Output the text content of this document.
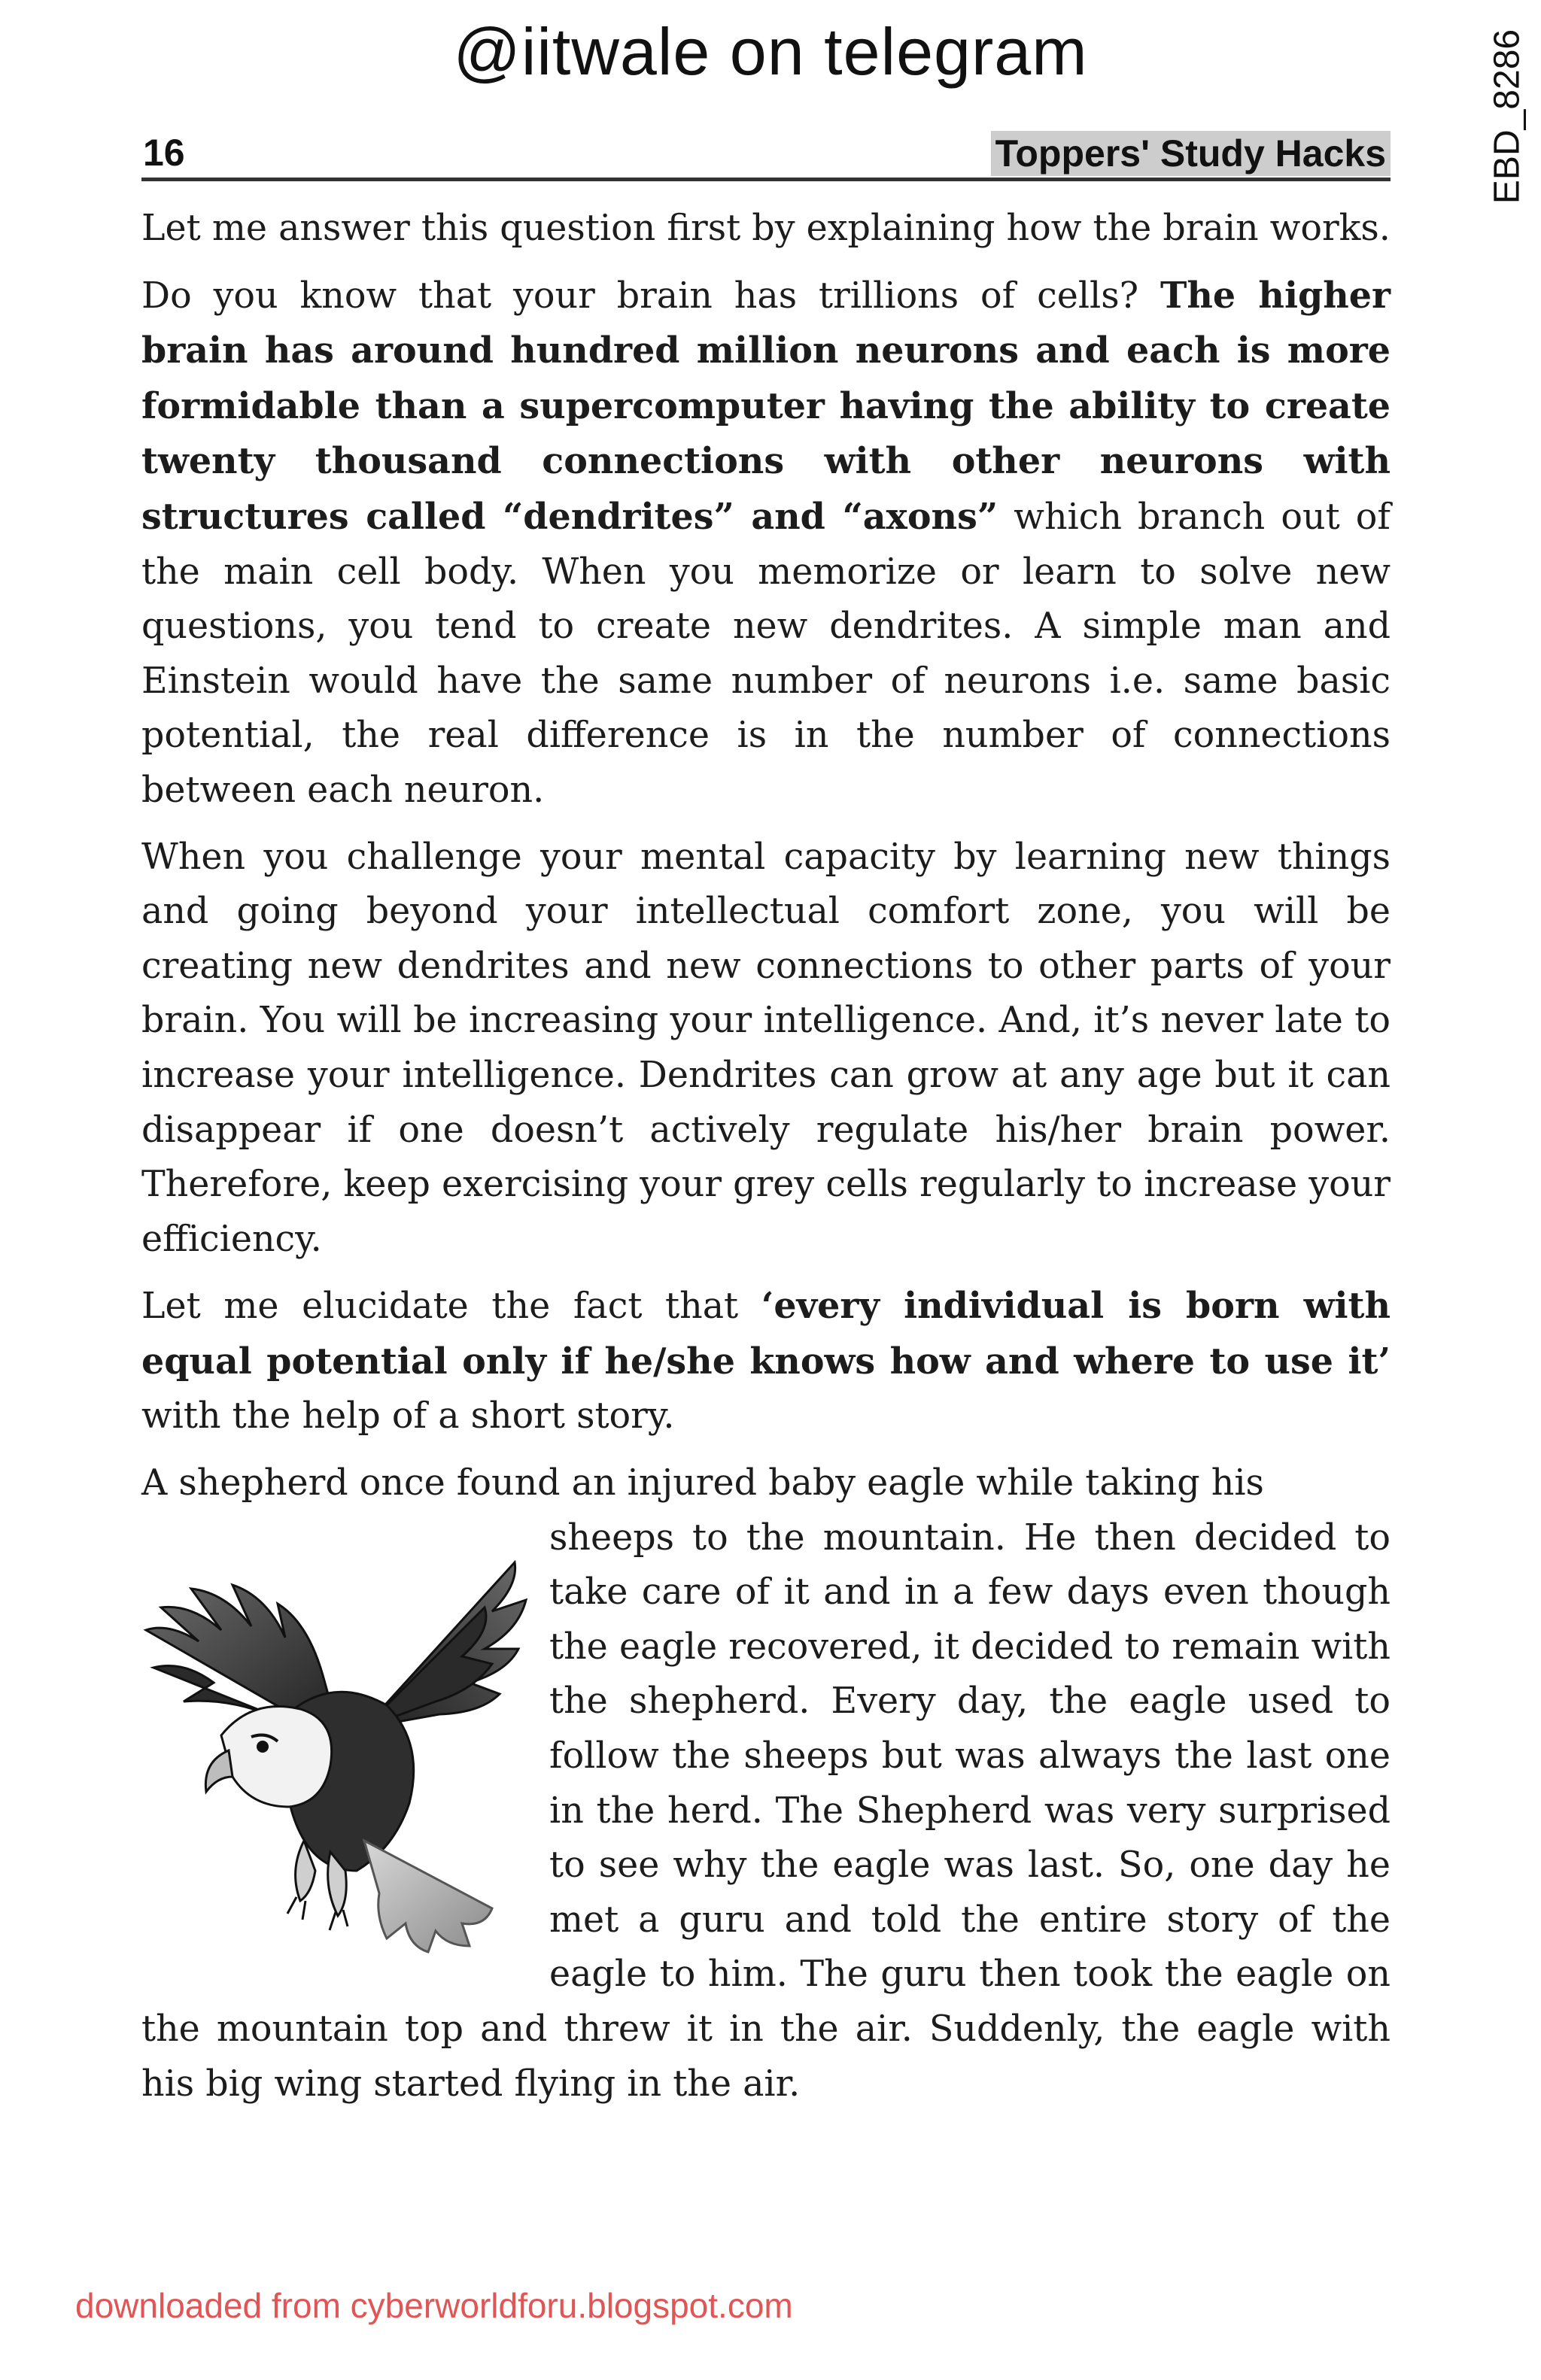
@iitwale on telegram	EBD_8286
16	Toppers' Study Hacks

Let me answer this question first by explaining how the brain works.

Do you know that your brain has trillions of cells? The higher brain has around hundred million neurons and each is more formidable than a supercomputer having the ability to create twenty thousand connections with other neurons with structures called “dendrites” and “axons” which branch out of the main cell body. When you memorize or learn to solve new questions, you tend to create new dendrites. A simple man and Einstein would have the same number of neurons i.e. same basic potential, the real difference is in the number of connections between each neuron.

When you challenge your mental capacity by learning new things and going beyond your intellectual comfort zone, you will be creating new dendrites and new connections to other parts of your brain. You will be increasing your intelligence. And, it’s never late to increase your intelligence. Dendrites can grow at any age but it can disappear if one doesn’t actively regulate his/her brain power. Therefore, keep exercising your grey cells regularly to increase your efficiency.

Let me elucidate the fact that ‘every individual is born with equal potential only if he/she knows how and where to use it’ with the help of a short story.

A shepherd once found an injured baby eagle while taking his

sheeps to the mountain. He then decided to take care of it and in a few days even though the eagle recovered, it decided to remain with the shepherd. Every day, the eagle used to follow the sheeps but was always the last one in the herd. The Shepherd was very surprised to see why the eagle was last. So, one day he met a guru and told the entire story of the eagle to him. The guru then took the eagle on the mountain top and threw it in the air. Suddenly, the eagle with his big wing started flying in the air.

downloaded from cyberworldforu.blogspot.com
